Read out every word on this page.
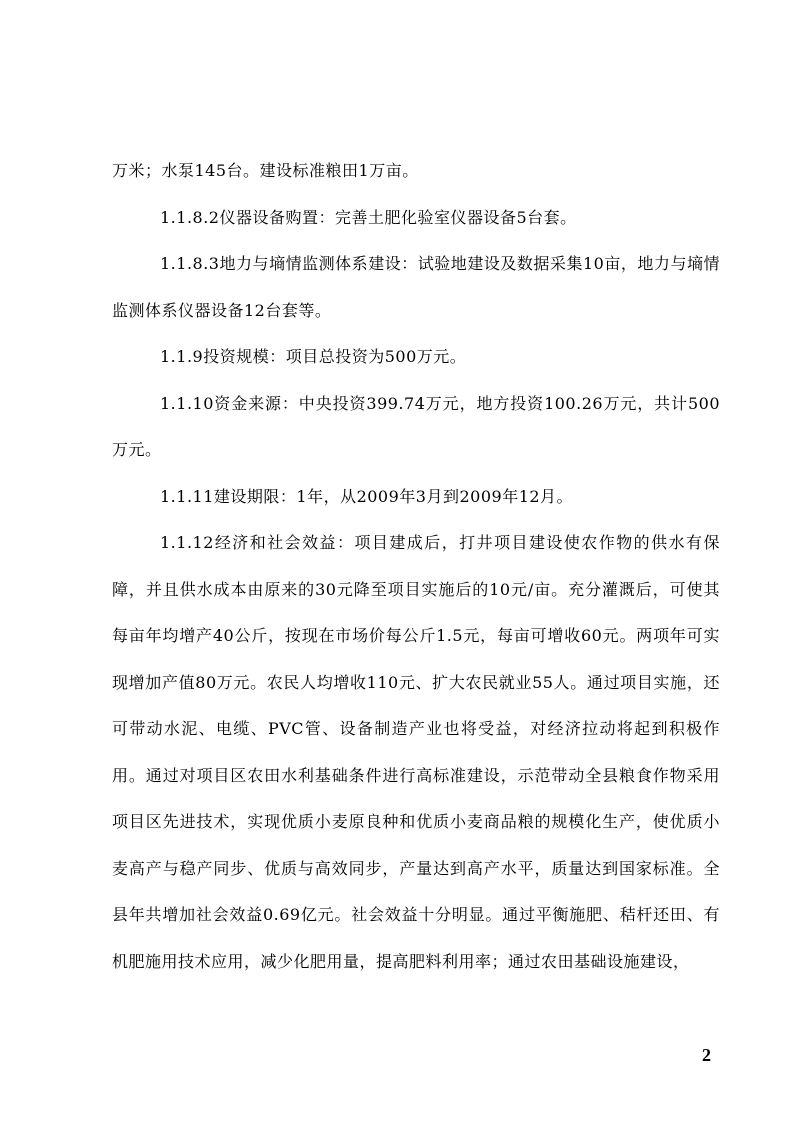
万米；水泵145台。建设标准粮田1万亩。

1.1.8.2仪器设备购置：完善土肥化验室仪器设备5台套。

1.1.8.3地力与墒情监测体系建设：试验地建设及数据采集10亩，地力与墒情监测体系仪器设备12台套等。

1.1.9投资规模：项目总投资为500万元。

1.1.10资金来源：中央投资399.74万元，地方投资100.26万元，共计500万元。

1.1.11建设期限：1年，从2009年3月到2009年12月。

1.1.12经济和社会效益：项目建成后，打井项目建设使农作物的供水有保障，并且供水成本由原来的30元降至项目实施后的10元/亩。充分灌溉后，可使其每亩年均增产40公斤，按现在市场价每公斤1.5元，每亩可增收60元。两项年可实现增加产值80万元。农民人均增收110元、扩大农民就业55人。通过项目实施，还可带动水泥、电缆、PVC管、设备制造产业也将受益，对经济拉动将起到积极作用。通过对项目区农田水利基础条件进行高标准建设，示范带动全县粮食作物采用项目区先进技术，实现优质小麦原良种和优质小麦商品粮的规模化生产，使优质小麦高产与稳产同步、优质与高效同步，产量达到高产水平，质量达到国家标准。全县年共增加社会效益0.69亿元。社会效益十分明显。通过平衡施肥、秸杆还田、有机肥施用技术应用，减少化肥用量，提高肥料利用率；通过农田基础设施建设，

2
